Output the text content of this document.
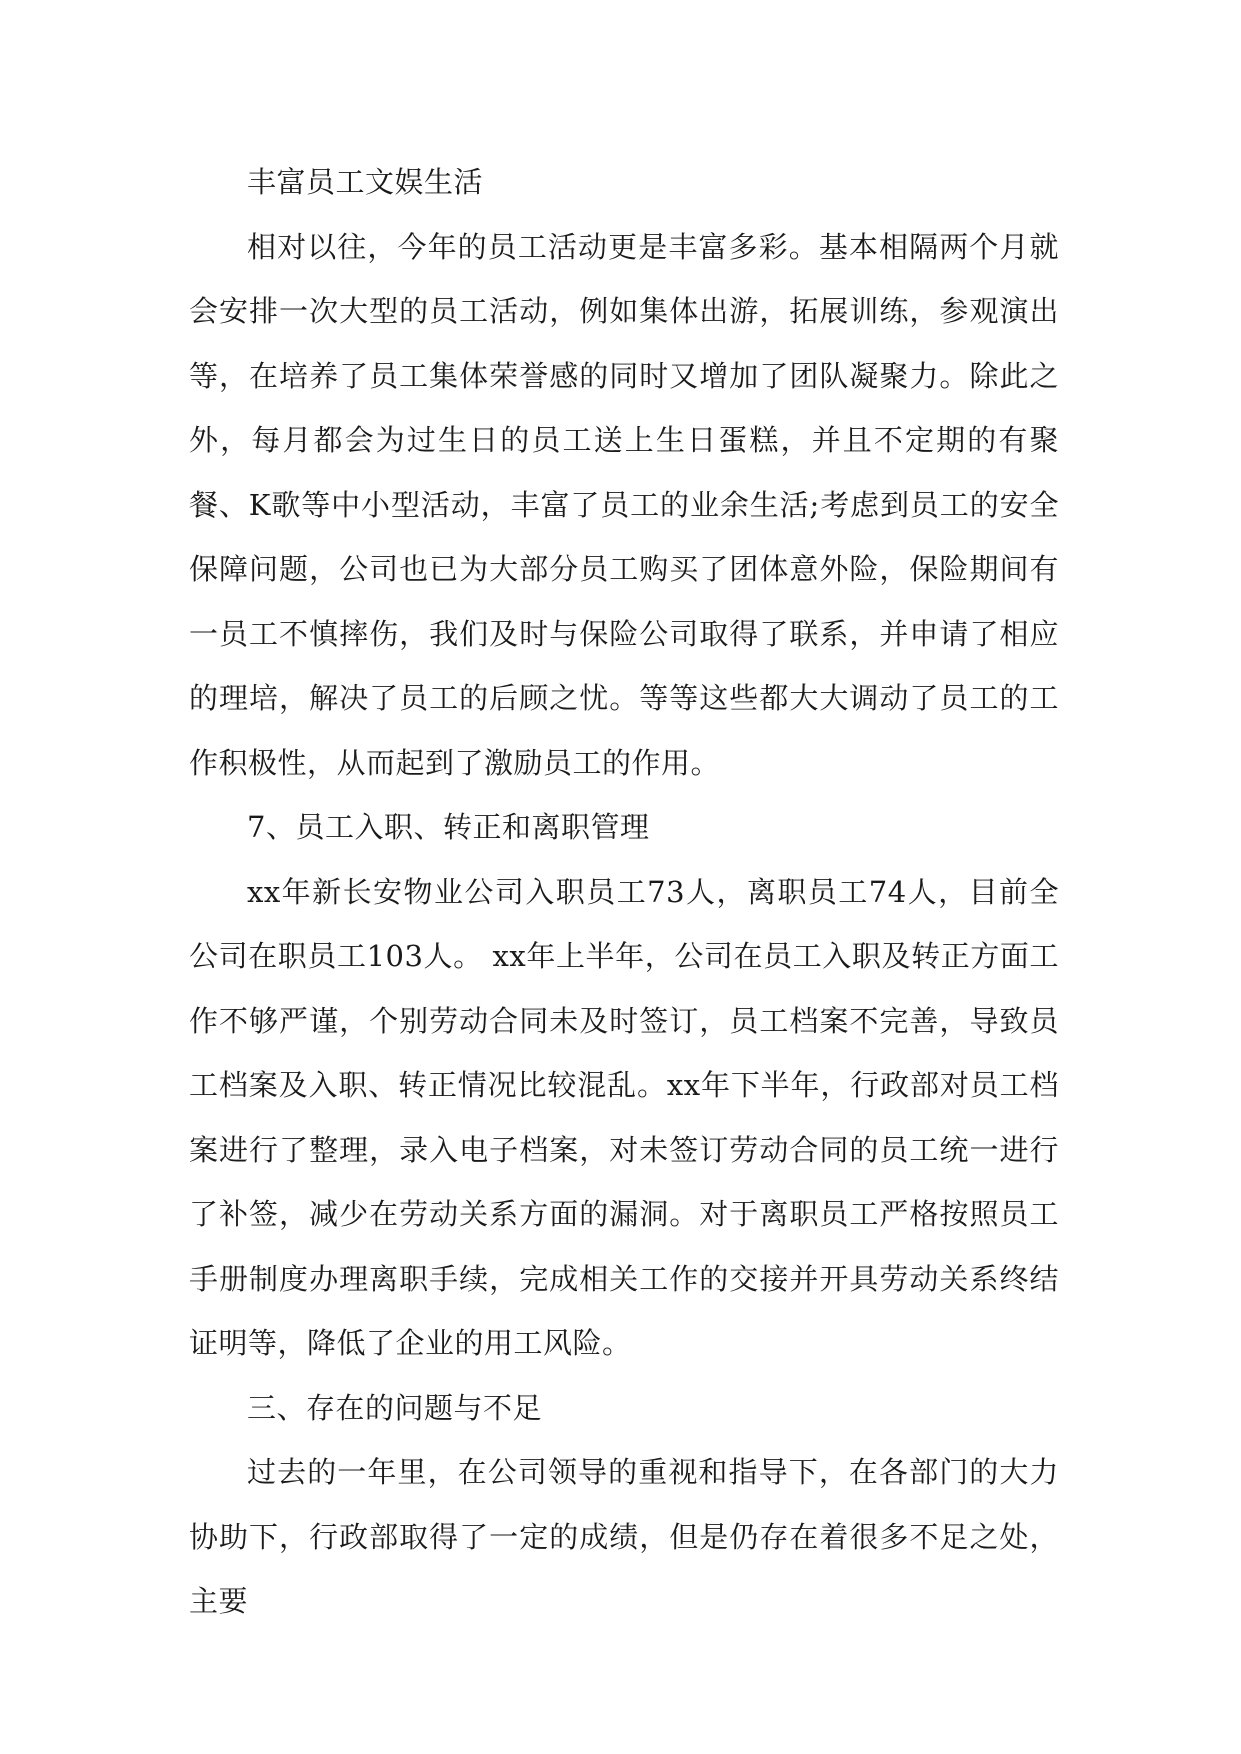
丰富员工文娱生活

相对以往，今年的员工活动更是丰富多彩。基本相隔两个月就会安排一次大型的员工活动，例如集体出游，拓展训练，参观演出等，在培养了员工集体荣誉感的同时又增加了团队凝聚力。除此之外，每月都会为过生日的员工送上生日蛋糕，并且不定期的有聚餐、K歌等中小型活动，丰富了员工的业余生活;考虑到员工的安全保障问题，公司也已为大部分员工购买了团体意外险，保险期间有一员工不慎摔伤，我们及时与保险公司取得了联系，并申请了相应的理培，解决了员工的后顾之忧。等等这些都大大调动了员工的工作积极性，从而起到了激励员工的作用。

7、员工入职、转正和离职管理

xx年新长安物业公司入职员工73人，离职员工74人，目前全公司在职员工103人。 xx年上半年，公司在员工入职及转正方面工作不够严谨，个别劳动合同未及时签订，员工档案不完善，导致员工档案及入职、转正情况比较混乱。xx年下半年，行政部对员工档案进行了整理，录入电子档案，对未签订劳动合同的员工统一进行了补签，减少在劳动关系方面的漏洞。对于离职员工严格按照员工手册制度办理离职手续，完成相关工作的交接并开具劳动关系终结证明等，降低了企业的用工风险。

三、存在的问题与不足

过去的一年里，在公司领导的重视和指导下，在各部门的大力协助下，行政部取得了一定的成绩，但是仍存在着很多不足之处，主要
